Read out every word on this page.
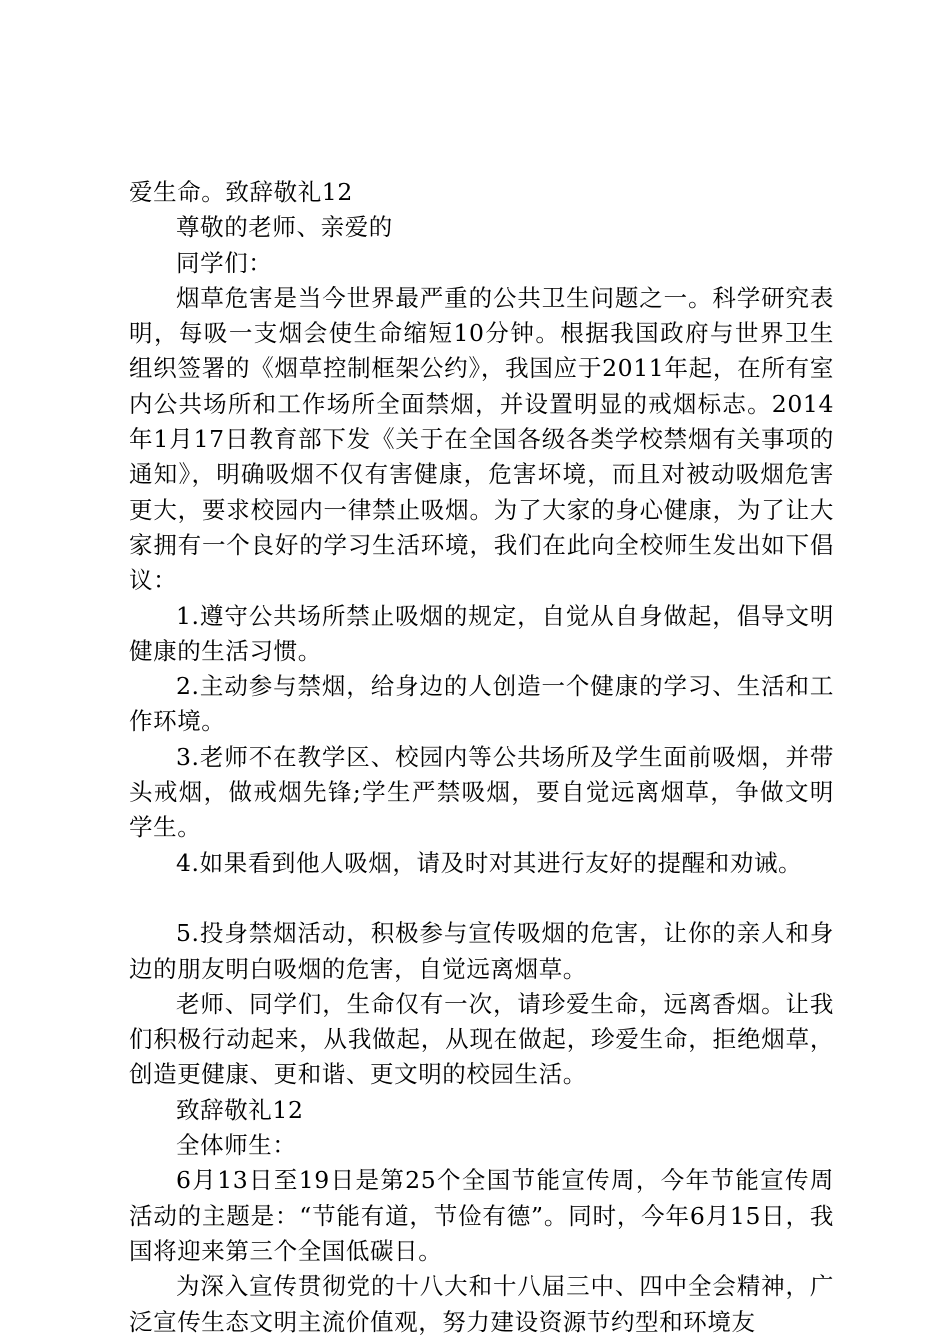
爱生命。致辞敬礼12

尊敬的老师、亲爱的

同学们：

烟草危害是当今世界最严重的公共卫生问题之一。科学研究表明，每吸一支烟会使生命缩短10分钟。根据我国政府与世界卫生组织签署的《烟草控制框架公约》，我国应于2011年起，在所有室内公共场所和工作场所全面禁烟，并设置明显的戒烟标志。2014年1月17日教育部下发《关于在全国各级各类学校禁烟有关事项的通知》，明确吸烟不仅有害健康，危害坏境，而且对被动吸烟危害更大，要求校园内一律禁止吸烟。为了大家的身心健康，为了让大家拥有一个良好的学习生活环境，我们在此向全校师生发出如下倡议：

1.遵守公共场所禁止吸烟的规定，自觉从自身做起，倡导文明健康的生活习惯。

2.主动参与禁烟，给身边的人创造一个健康的学习、生活和工作环境。

3.老师不在教学区、校园内等公共场所及学生面前吸烟，并带头戒烟，做戒烟先锋;学生严禁吸烟，要自觉远离烟草，争做文明学生。

4.如果看到他人吸烟，请及时对其进行友好的提醒和劝诫。

5.投身禁烟活动，积极参与宣传吸烟的危害，让你的亲人和身边的朋友明白吸烟的危害，自觉远离烟草。

老师、同学们，生命仅有一次，请珍爱生命，远离香烟。让我们积极行动起来，从我做起，从现在做起，珍爱生命，拒绝烟草，创造更健康、更和谐、更文明的校园生活。

致辞敬礼12

全体师生：

6月13日至19日是第25个全国节能宣传周，今年节能宣传周活动的主题是：“节能有道，节俭有德”。同时，今年6月15日，我国将迎来第三个全国低碳日。

为深入宣传贯彻党的十八大和十八届三中、四中全会精神，广泛宣传生态文明主流价值观，努力建设资源节约型和环境友
